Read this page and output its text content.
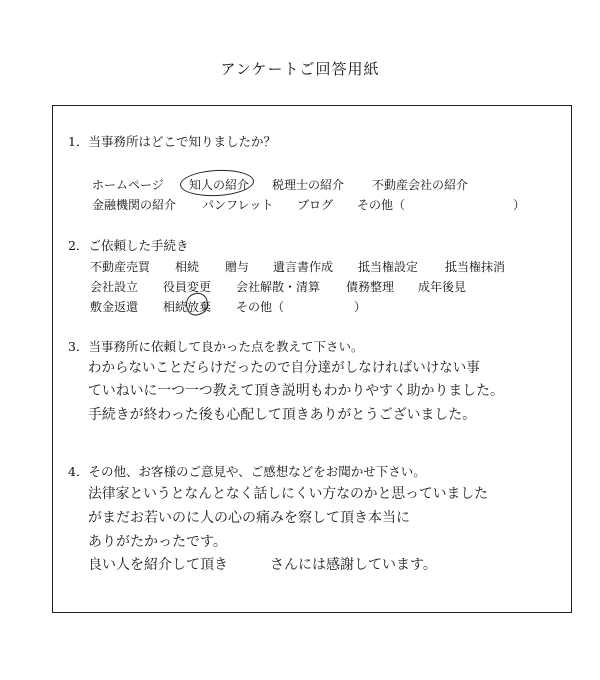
アンケートご回答用紙
1．当事務所はどこで知りましたか？
ホームページ 知人の紹介 税理士の紹介 不動産会社の紹介
金融機関の紹介 パンフレット ブログ その他（	）
2．ご依頼した手続き
不動産売買 相続 贈与 遺言書作成 抵当権設定 抵当権抹消
会社設立 役員変更 会社解散・清算 債務整理 成年後見
敷金返還 相続放棄 その他（	）
3．当事務所に依頼して良かった点を教えて下さい。
わからないことだらけだったので自分達がしなければいけない事
ていねいに一つ一つ教えて頂き説明もわかりやすく助かりました。
手続きが終わった後も心配して頂きありがとうございました。
4．その他、お客様のご意見や、ご感想などをお聞かせ下さい。
法律家というとなんとなく話しにくい方なのかと思っていました
がまだお若いのに人の心の痛みを察して頂き本当に
ありがたかったです。
良い人を紹介して頂き　　　さんには感謝しています。
